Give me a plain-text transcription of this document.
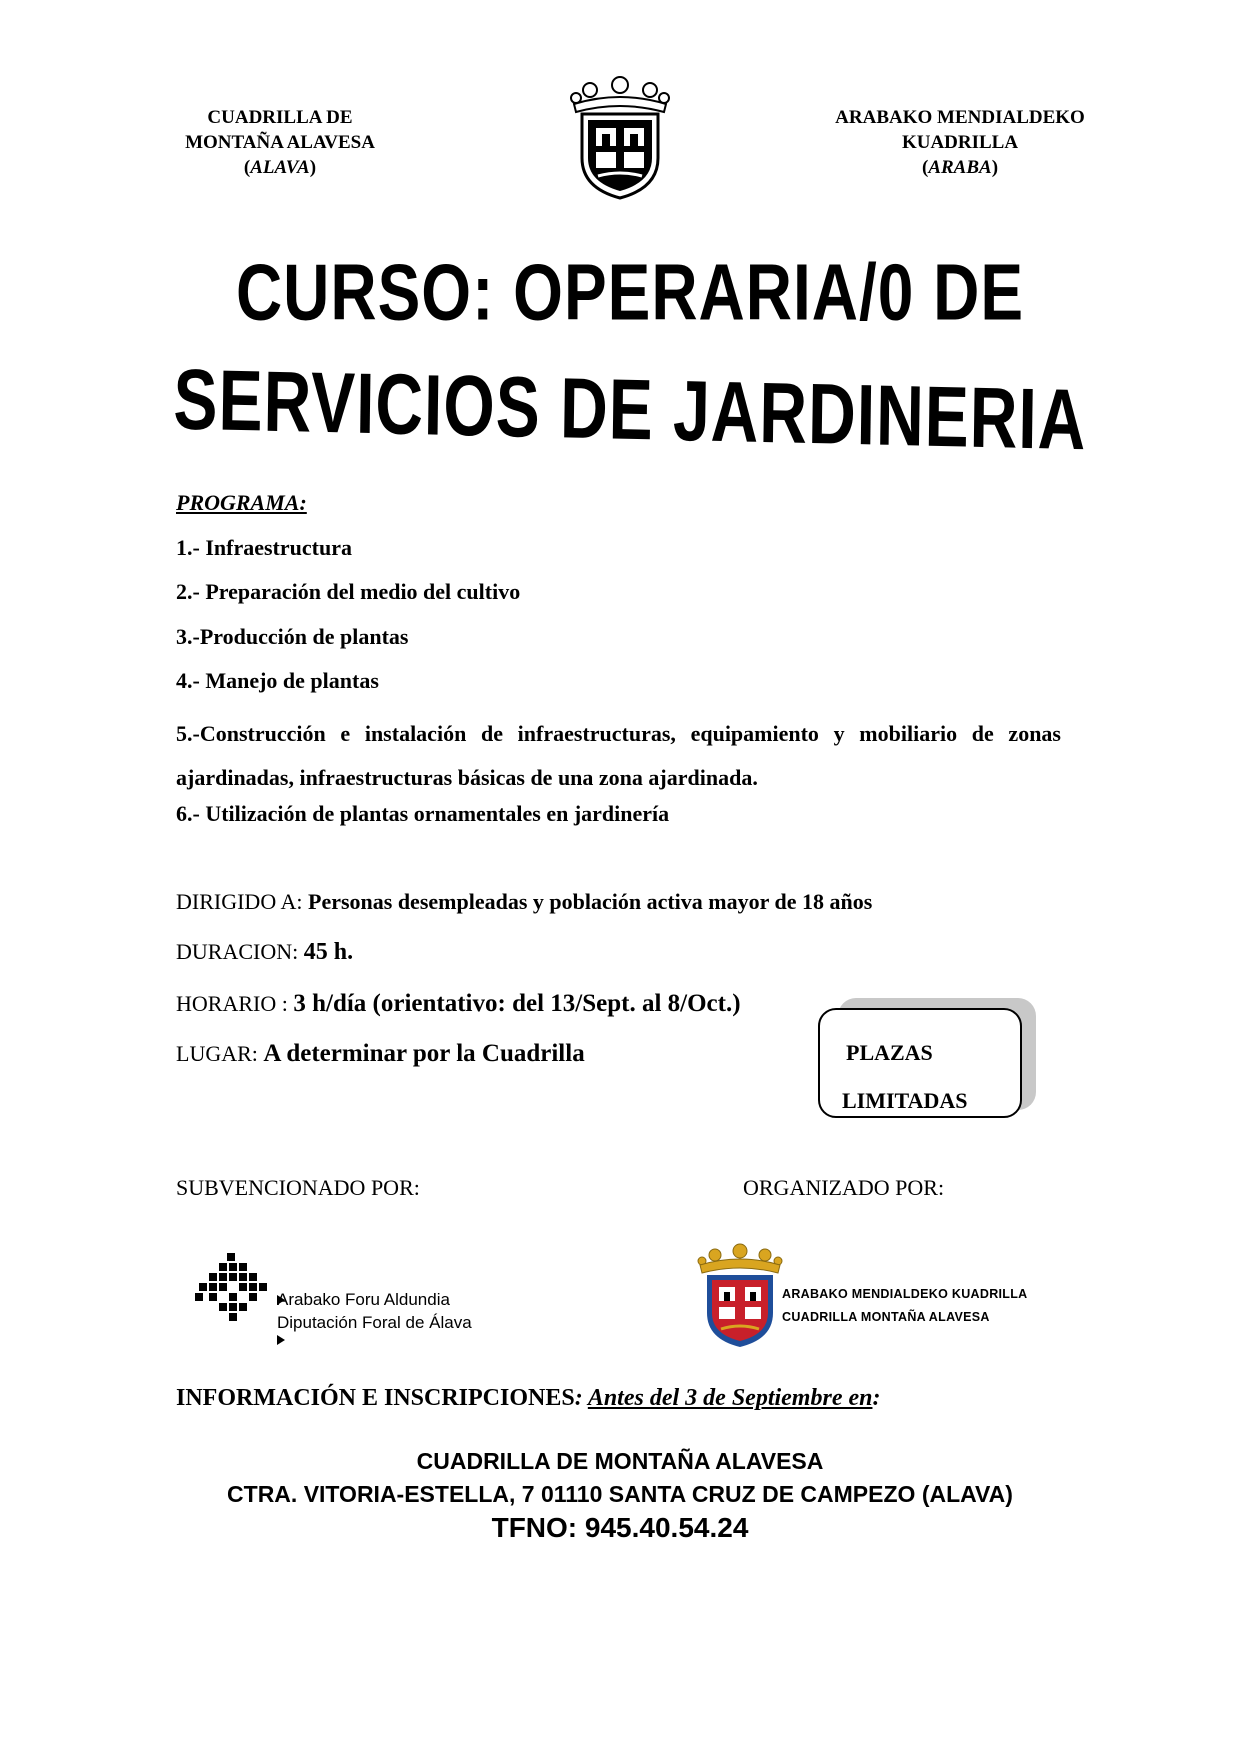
CUADRILLA DE
MONTAÑA ALAVESA
(ALAVA)
ARABAKO MENDIALDEKO
KUADRILLA
(ARABA)
CURSO: OPERARIA/0 DE
SERVICIOS DE JARDINERIA
PROGRAMA:
1.- Infraestructura
2.- Preparación del medio del cultivo
3.-Producción de plantas
4.- Manejo de plantas
5.-Construcción e instalación de infraestructuras, equipamiento y mobiliario de zonas ajardinadas, infraestructuras básicas de una zona ajardinada.
6.- Utilización de plantas ornamentales en jardinería
DIRIGIDO A: Personas desempleadas y población activa mayor de 18 años
DURACION: 45 h.
HORARIO : 3 h/día (orientativo: del 13/Sept. al 8/Oct.)
LUGAR: A determinar por la Cuadrilla	PLAZAS
LIMITADAS
SUBVENCIONADO POR:	ORGANIZADO POR:
Arabako Foru Aldundia
Diputación Foral de Álava
ARABAKO MENDIALDEKO KUADRILLA
CUADRILLA MONTAÑA ALAVESA
INFORMACIÓN E INSCRIPCIONES: Antes del 3 de Septiembre en:
CUADRILLA DE MONTAÑA ALAVESA
CTRA. VITORIA-ESTELLA, 7 01110 SANTA CRUZ DE CAMPEZO (ALAVA)
TFNO: 945.40.54.24
